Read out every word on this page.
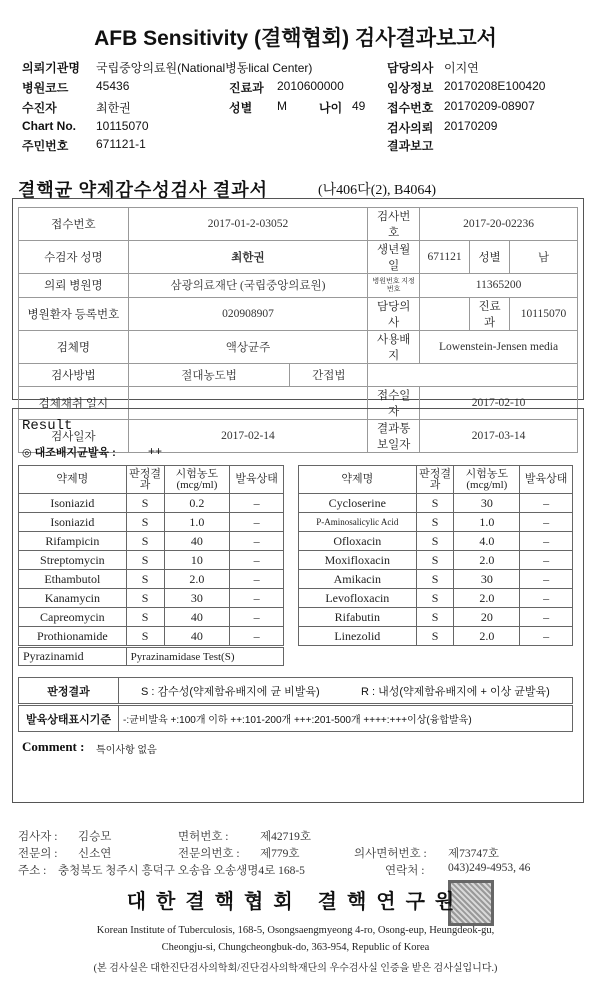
AFB Sensitivity (결핵협회) 검사결과보고서
의뢰기관명 국립중앙의료원(National병동lical Center)	담당의사 이지연
병원코드 45436	진료과 2010600000	임상정보 20170208E100420
수진자	최한권	성별 M	나이 49 접수번호 20170209-08907
Chart No. 10115070	검사의뢰 20170209
주민번호 671121-1	결과보고
결핵균 약제감수성검사 결과서	(나406다(2), B4064)
접수번호	2017-01-2-03052		검사번호	2017-20-02236		
수검자 성명	최한권		생년월일	671121	성별	남
의뢰 병원명	삼광의료재단 (국립중앙의료원)		병원번호 지정번호	11365200		
병원환자 등록번호	020908907		담당의사		진료과	10115070
검체명	액상균주		사용배지	Lowenstein-Jensen media		
검사방법	절대농도법	간접법				
검체채취 일시			접수일자	2017-02-10		
검사일자	2017-02-14		결과통보일자	2017-03-14		
Result
◎ 대조배지균발육 :	++
약제명	판정결과	시험농도 (mcg/ml)	발육상태
Isoniazid	S	0.2	–
Isoniazid	S	1.0	–
Rifampicin	S	40	–
Streptomycin	S	10	–
Ethambutol	S	2.0	–
Kanamycin	S	30	–
Capreomycin	S	40	–
Prothionamide	S	40	–
약제명	판정결과	시험농도 (mcg/ml)	발육상태
Cycloserine	S	30	–
P-Aminosalicylic Acid	S	1.0	–
Ofloxacin	S	4.0	–
Moxifloxacin	S	2.0	–
Amikacin	S	30	–
Levofloxacin	S	2.0	–
Rifabutin	S	20	–
Linezolid	S	2.0	–
Pyrazinamid	Pyrazinamidase Test(S)
판정결과	S : 감수성(약제함유배지에 균 비발육)	R : 내성(약제함유배지에 + 이상 균발육)
발육상태표시기준	-:균비발육 +:100개 이하 ++:101-200개 +++:201-500개 ++++:+++이상(융합발육)
Comment : 특이사항 없음
검사자 : 김승모	면허번호 :	제42719호
전문의 : 신소연	전문의번호 : 제779호	의사면허번호 : 제73747호
주소 : 충청북도 청주시 흥덕구 오송읍 오송생명4로 168-5	연락처 : 043)249-4953, 46
대한결핵협회 결핵연구원
Korean Institute of Tuberculosis, 168-5, Osongsaengmyeong 4-ro, Osong-eup, Heungdeok-gu,
Cheongju-si, Chungcheongbuk-do, 363-954, Republic of Korea
(본 검사실은 대한진단검사의학회/진단검사의학재단의 우수검사실 인증을 받은 검사실입니다.)
